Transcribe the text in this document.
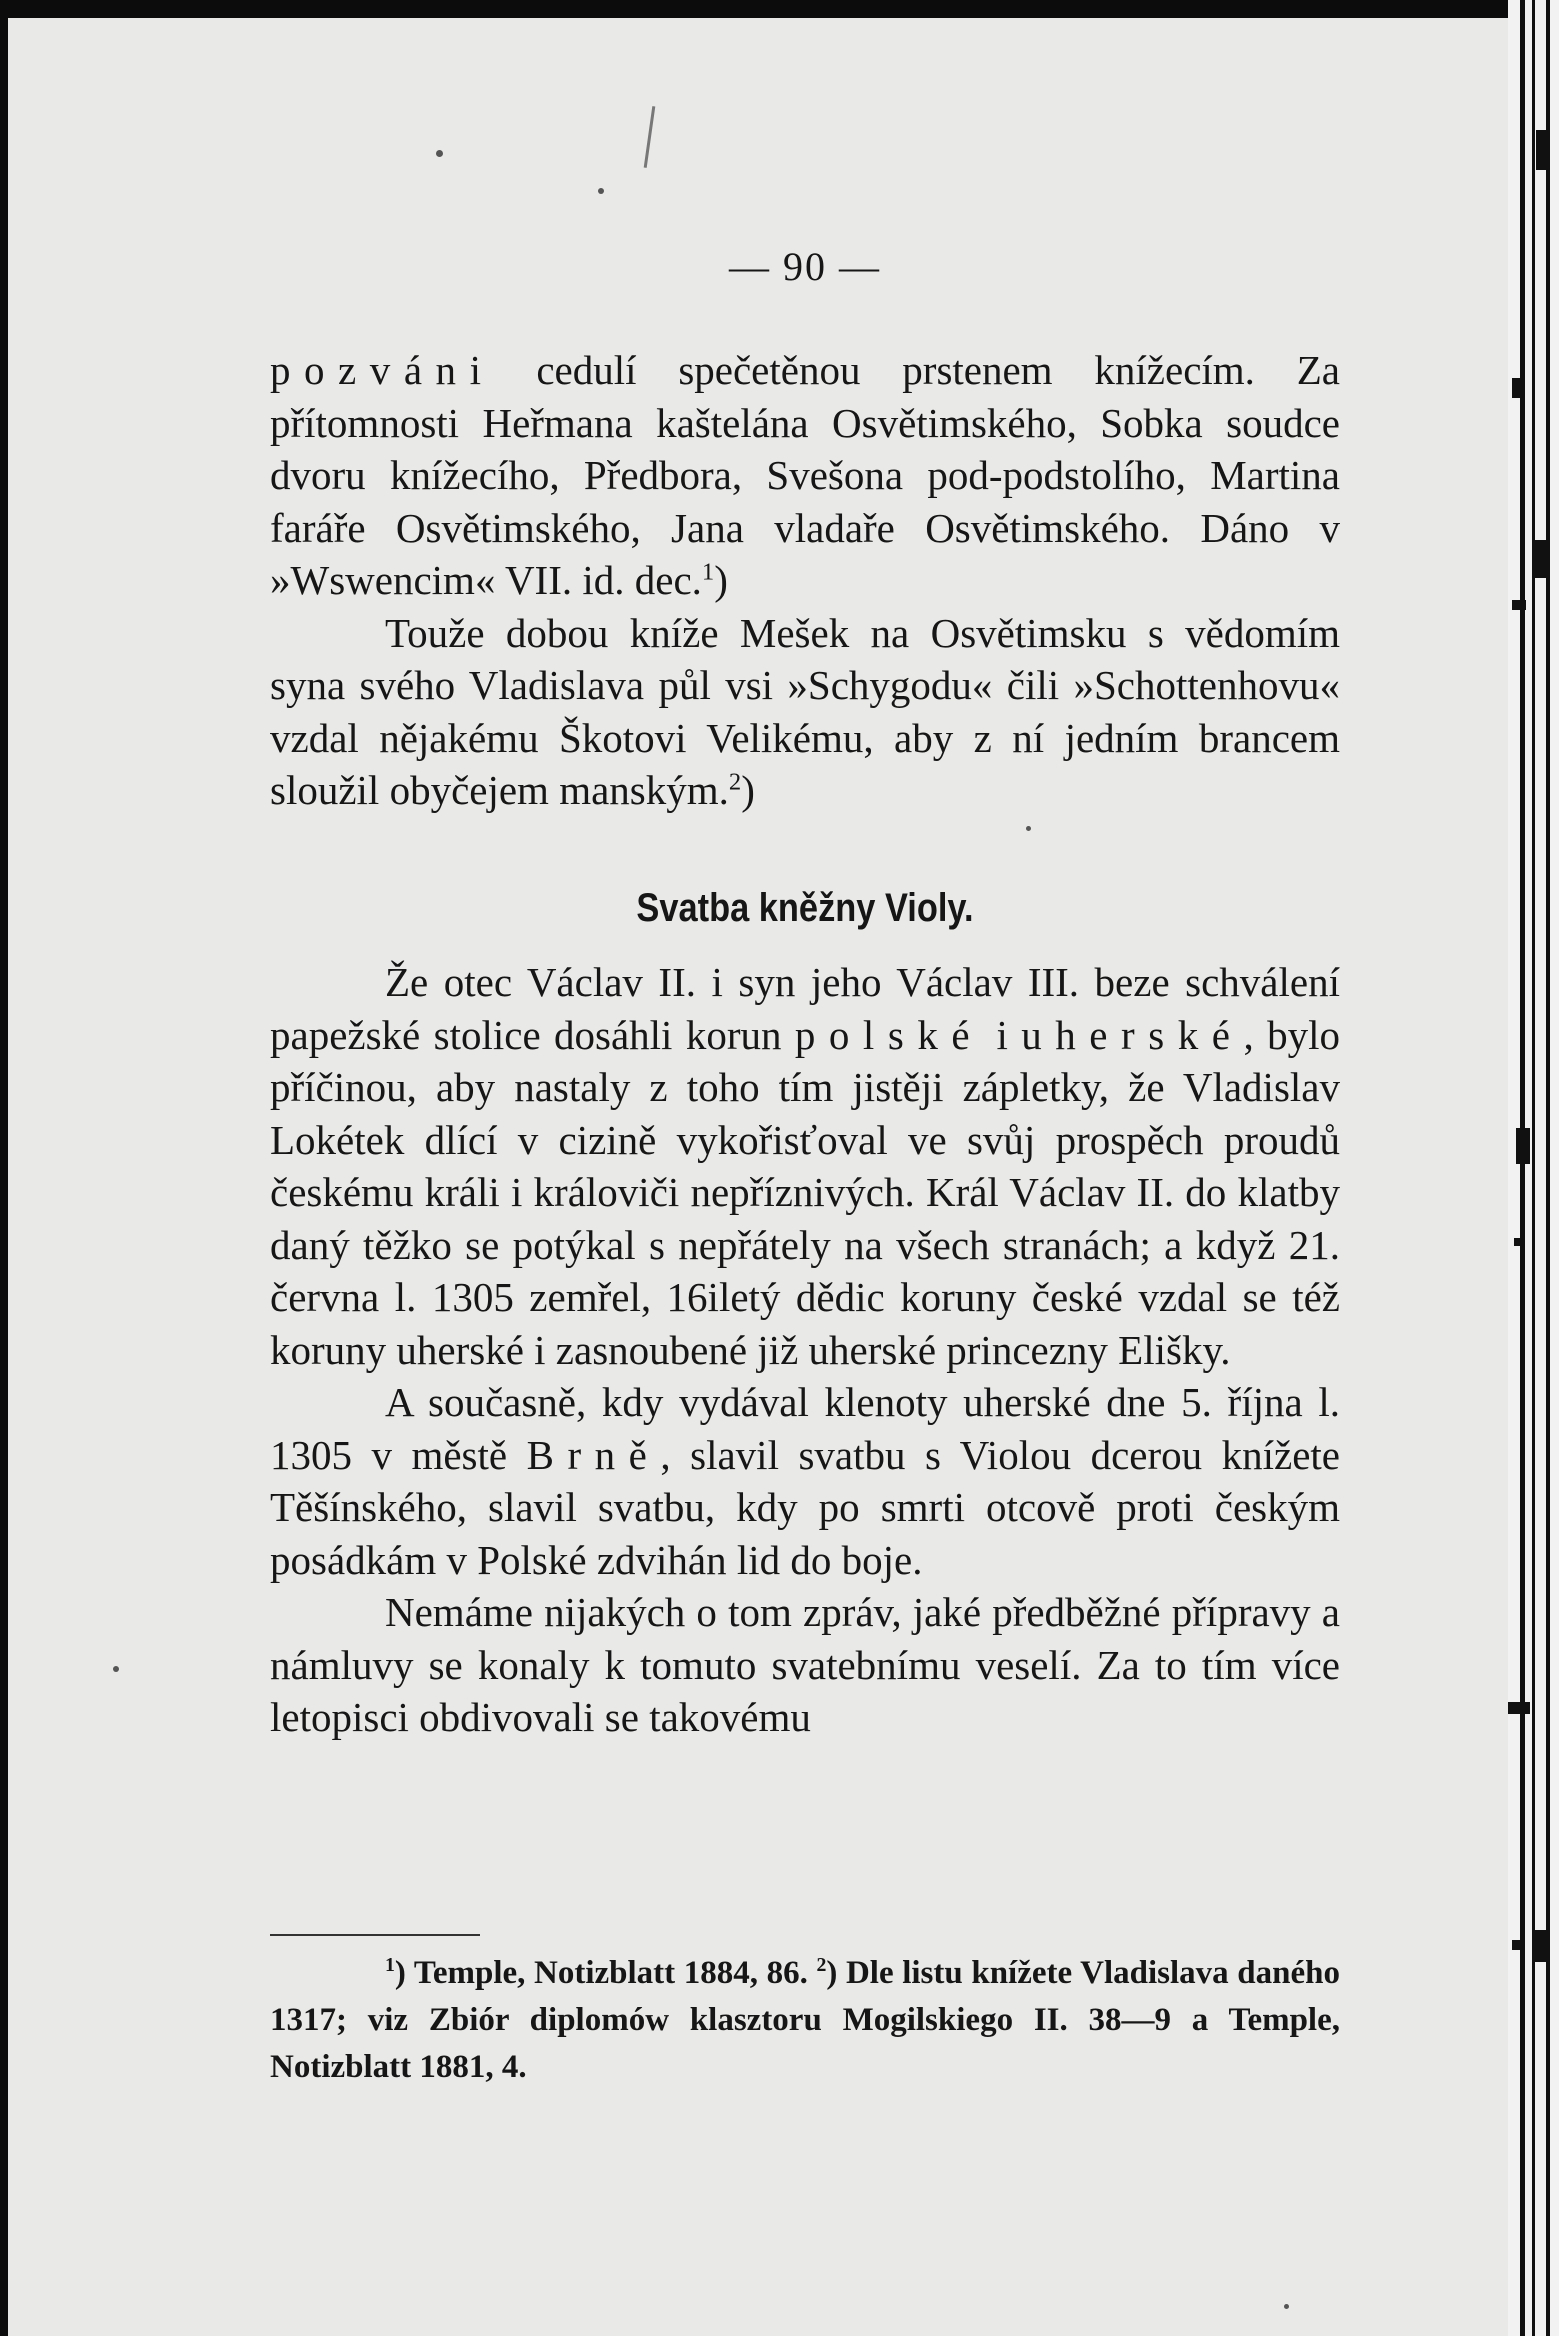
— 90 —

pozváni cedulí spečetěnou prstenem knížecím. Za přítomnosti Heřmana kaštelána Osvětimského, Sobka soudce dvoru knížecího, Předbora, Svešona pod-podstolího, Martina faráře Osvětimského, Jana vladaře Osvětimského. Dáno v »Wswencim« VII. id. dec.$^1$)

Touže dobou kníže Mešek na Osvětimsku s vědomím syna svého Vladislava půl vsi »Schygodu« čili »Schottenhovu« vzdal nějakému Škotovi Velikému, aby z ní jedním brancem sloužil obyčejem manským.$^2$)

Svatba kněžny Violy.

Že otec Václav II. i syn jeho Václav III. beze schválení papežské stolice dosáhli korun polské i uherské, bylo příčinou, aby nastaly z toho tím jistěji zápletky, že Vladislav Lokétek dlící v cizině vykořisťoval ve svůj prospěch proudů českému králi i královiči nepříznivých. Král Václav II. do klatby daný těžko se potýkal s nepřátely na všech stranách; a když 21. června l. 1305 zemřel, 16iletý dědic koruny české vzdal se též koruny uherské i zasnoubené již uherské princezny Elišky.

A současně, kdy vydával klenoty uherské dne 5. října l. 1305 v městě Brně, slavil svatbu s Violou dcerou knížete Těšínského, slavil svatbu, kdy po smrti otcově proti českým posádkám v Polské zdvihán lid do boje.

Nemáme nijakých o tom zpráv, jaké předběžné přípravy a námluvy se konaly k tomuto svatebnímu veselí. Za to tím více letopisci obdivovali se takovému

$^1$) Temple, Notizblatt 1884, 86. $^2$) Dle listu knížete Vladislava daného 1317; viz Zbiór diplomów klasztoru Mogilskiego II. 38—9 a Temple, Notizblatt 1881, 4.
